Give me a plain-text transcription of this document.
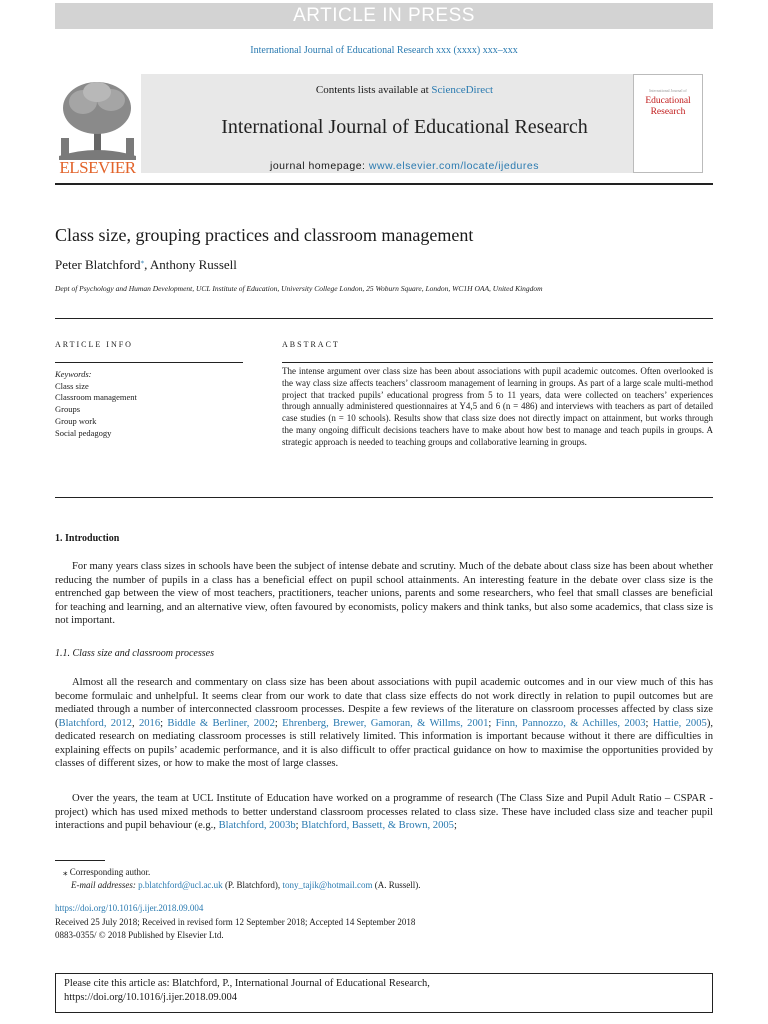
ARTICLE IN PRESS
International Journal of Educational Research xxx (xxxx) xxx–xxx
ELSEVIER
Contents lists available at ScienceDirect
International Journal of Educational Research
journal homepage: www.elsevier.com/locate/ijedures
International Journal of
Educational
Research
Class size, grouping practices and classroom management
Peter Blatchford⁎, Anthony Russell
Dept of Psychology and Human Development, UCL Institute of Education, University College London, 25 Woburn Square, London, WC1H OAA, United Kingdom
ARTICLE INFO	ABSTRACT
Keywords:
Class size
Classroom management
Groups
Group work
Social pedagogy

The intense argument over class size has been about associations with pupil academic outcomes. Often overlooked is the way class size affects teachers’ classroom management of learning in groups. As part of a large scale multi-method project that tracked pupils’ educational progress from 5 to 11 years, data were collected on teachers’ experiences through annually administered questionnaires at Y4,5 and 6 (n = 486) and interviews with teachers as part of detailed case studies (n = 10 schools). Results show that class size does not directly impact on attainment, but works through the many ongoing difficult decisions teachers have to make about how best to manage and teach pupils in groups. A strategic approach is needed to teaching groups and collaborative learning in groups.

1. Introduction

For many years class sizes in schools have been the subject of intense debate and scrutiny. Much of the debate about class size has been about whether reducing the number of pupils in a class has a beneficial effect on pupil school attainments. An interesting feature in the debate over class size is the entrenched gap between the view of most teachers, practitioners, teacher unions, parents and some researchers, who feel that small classes are beneficial for teaching and learning, and an alternative view, often favoured by economists, policy makers and think tanks, but also some academics, that class size is not important.

1.1. Class size and classroom processes

Almost all the research and commentary on class size has been about associations with pupil academic outcomes and in our view much of this has become formulaic and unhelpful. It seems clear from our work to date that class size effects do not work directly in relation to pupil outcomes but are mediated through a number of interconnected classroom processes. Despite a few reviews of the literature on classroom processes affected by class size (Blatchford, 2012, 2016; Biddle & Berliner, 2002; Ehrenberg, Brewer, Gamoran, & Willms, 2001; Finn, Pannozzo, & Achilles, 2003; Hattie, 2005), dedicated research on mediating classroom processes is still relatively limited. This information is important because without it there are difficulties in explaining effects on pupils’ academic performance, and it is also difficult to offer practical guidance on how to maximise the opportunities provided by classes of different sizes, or how to make the most of large classes.

Over the years, the team at UCL Institute of Education have worked on a programme of research (The Class Size and Pupil Adult Ratio – CSPAR - project) which has used mixed methods to better understand classroom processes related to class size. These have included class size and teacher pupil interactions and pupil behaviour (e.g., Blatchford, 2003b; Blatchford, Bassett, & Brown, 2005;

⁎ Corresponding author.
E-mail addresses: p.blatchford@ucl.ac.uk (P. Blatchford), tony_tajik@hotmail.com (A. Russell).
https://doi.org/10.1016/j.ijer.2018.09.004
Received 25 July 2018; Received in revised form 12 September 2018; Accepted 14 September 2018
0883-0355/ © 2018 Published by Elsevier Ltd.
Please cite this article as: Blatchford, P., International Journal of Educational Research,
https://doi.org/10.1016/j.ijer.2018.09.004
